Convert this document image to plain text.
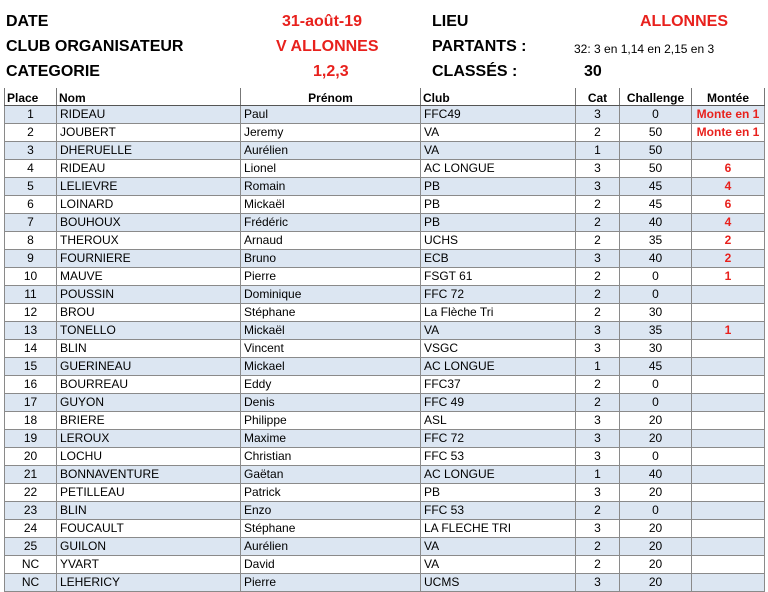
DATE	31-août-19	LIEU	ALLONNES
CLUB ORGANISATEUR	V ALLONNES	PARTANTS :	32: 3 en 1,14 en 2,15 en 3
CATEGORIE	1,2,3	CLASSÉS :	30
Place	Nom	Prénom	Club	Cat	Challenge	Montée
1	RIDEAU	Paul	FFC49	3	0	Monte en 1
2	JOUBERT	Jeremy	VA	2	50	Monte en 1
3	DHERUELLE	Aurélien	VA	1	50	
4	RIDEAU	Lionel	AC LONGUE	3	50	6
5	LELIEVRE	Romain	PB	3	45	4
6	LOINARD	Mickaël	PB	2	45	6
7	BOUHOUX	Frédéric	PB	2	40	4
8	THEROUX	Arnaud	UCHS	2	35	2
9	FOURNIERE	Bruno	ECB	3	40	2
10	MAUVE	Pierre	FSGT 61	2	0	1
11	POUSSIN	Dominique	FFC 72	2	0	
12	BROU	Stéphane	La Flèche Tri	2	30	
13	TONELLO	Mickaël	VA	3	35	1
14	BLIN	Vincent	VSGC	3	30	
15	GUERINEAU	Mickael	AC LONGUE	1	45	
16	BOURREAU	Eddy	FFC37	2	0	
17	GUYON	Denis	FFC 49	2	0	
18	BRIERE	Philippe	ASL	3	20	
19	LEROUX	Maxime	FFC 72	3	20	
20	LOCHU	Christian	FFC 53	3	0	
21	BONNAVENTURE	Gaëtan	AC LONGUE	1	40	
22	PETILLEAU	Patrick	PB	3	20	
23	BLIN	Enzo	FFC 53	2	0	
24	FOUCAULT	Stéphane	LA FLECHE TRI	3	20	
25	GUILON	Aurélien	VA	2	20	
NC	YVART	David	VA	2	20	
NC	LEHERICY	Pierre	UCMS	3	20	
